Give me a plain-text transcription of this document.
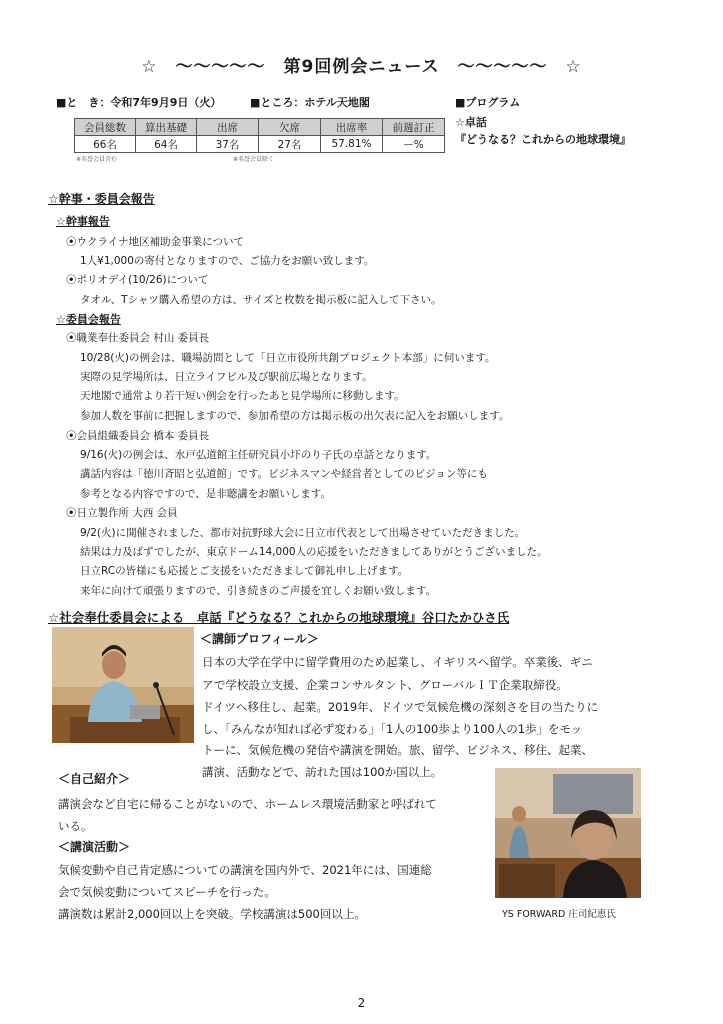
☆　～～～～～　第9回例会ニュース　～～～～～　☆
■と　き：令和7年9月9日（火）	■ところ：ホテル天地閣	■プログラム
☆卓話
『どうなる？これからの地球環境』
会員総数	算出基礎	出席	欠席	出席率	前週訂正
66名	64名	37名	27名	57.81%	ー%
※名誉会員含む	※名誉会員除く
☆幹事・委員会報告
☆幹事報告
⦿ウクライナ地区補助金事業について
1人¥1,000の寄付となりますので、ご協力をお願い致します。
⦿ポリオデイ(10/26)について
タオル、Tシャツ購入希望の方は、サイズと枚数を掲示板に記入して下さい。
☆委員会報告
⦿職業奉仕委員会 村山 委員長
10/28(火)の例会は、職場訪問として「日立市役所共創プロジェクト本部」に伺います。
実際の見学場所は、日立ライフビル及び駅前広場となります。
天地閣で通常より若干短い例会を行ったあと見学場所に移動します。
参加人数を事前に把握しますので、参加希望の方は掲示板の出欠表に記入をお願いします。
⦿会員組織委員会 橋本 委員長
9/16(火)の例会は、水戸弘道館主任研究員小圷のり子氏の卓話となります。
講話内容は「徳川斉昭と弘道館」です。ビジネスマンや経営者としてのビジョン等にも
参考となる内容ですので、是非聴講をお願いします。
⦿日立製作所 大西 会員
9/2(火)に開催されました、都市対抗野球大会に日立市代表として出場させていただきました。
結果は力及ばずでしたが、東京ドーム14,000人の応援をいただきましてありがとうございました。
日立RCの皆様にも応援とご支援をいただきまして御礼申し上げます。
来年に向けて頑張りますので、引き続きのご声援を宜しくお願い致します。
☆社会奉仕委員会による　卓話『どうなる？これからの地球環境』谷口たかひさ氏
＜講師プロフィール＞
日本の大学在学中に留学費用のため起業し、イギリスへ留学。卒業後、ギニ
アで学校設立支援、企業コンサルタント、グローバルＩＴ企業取締役。
ドイツへ移住し、起業。2019年、ドイツで気候危機の深刻さを目の当たりに
し、「みんなが知れば必ず変わる」「1人の100歩より100人の1歩」をモッ
トーに、気候危機の発信や講演を開始。旅、留学、ビジネス、移住、起業、
講演、活動などで、訪れた国は100か国以上。
＜自己紹介＞
講演会など自宅に帰ることがないので、ホームレス環境活動家と呼ばれて
いる。
＜講演活動＞
気候変動や自己肯定感についての講演を国内外で、2021年には、国連総
会で気候変動についてスピーチを行った。
講演数は累計2,000回以上を突破。学校講演は500回以上。	YS FORWARD 庄司紀恵氏
2
